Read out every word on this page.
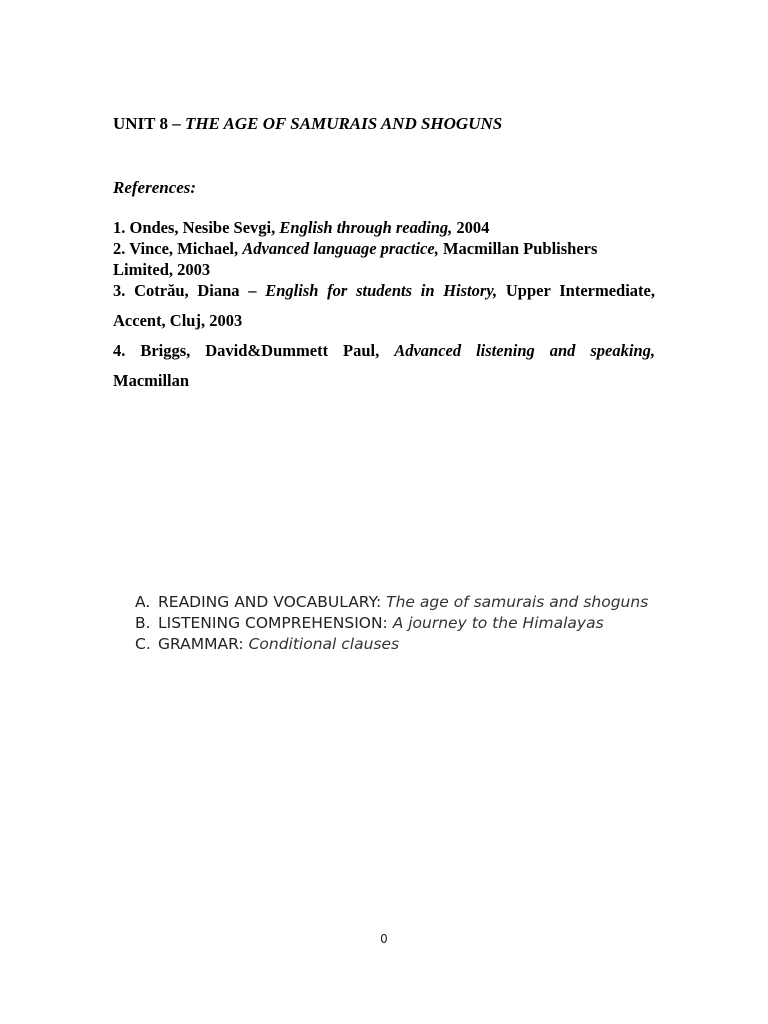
UNIT 8 – THE AGE OF SAMURAIS AND SHOGUNS
References:
1. Ondes, Nesibe Sevgi, English through reading, 2004
2. Vince, Michael, Advanced language practice, Macmillan Publishers
Limited, 2003
3. Cotrău, Diana – English for students in History, Upper Intermediate,
Accent, Cluj, 2003
4. Briggs, David&Dummett Paul, Advanced listening and speaking,
Macmillan
A. READING AND VOCABULARY: The age of samurais and shoguns
B. LISTENING COMPREHENSION: A journey to the Himalayas
C. GRAMMAR: Conditional clauses
0
